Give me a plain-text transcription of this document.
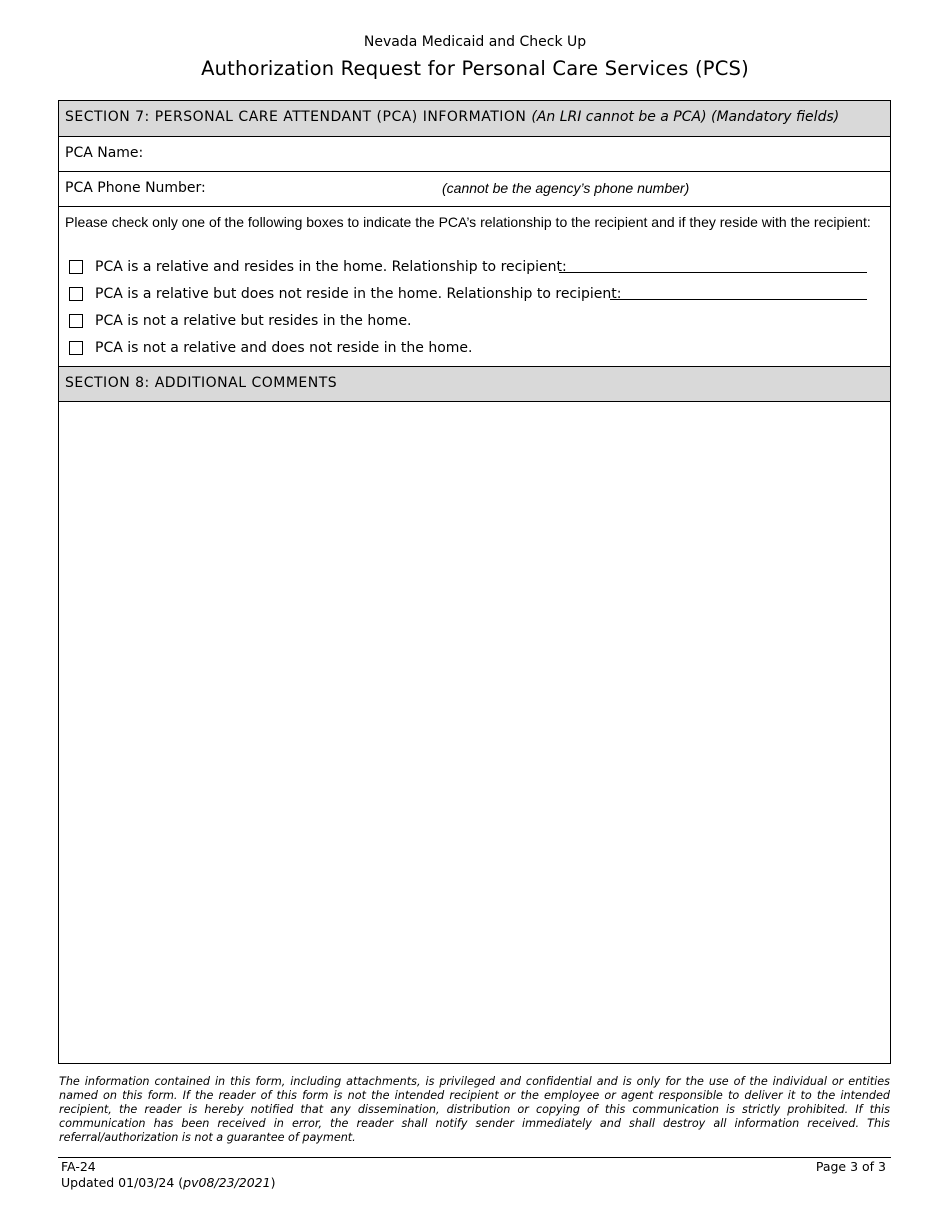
Nevada Medicaid and Check Up
Authorization Request for Personal Care Services (PCS)
SECTION 7: PERSONAL CARE ATTENDANT (PCA) INFORMATION (An LRI cannot be a PCA) (Mandatory fields)
PCA Name:
PCA Phone Number:	(cannot be the agency’s phone number)
Please check only one of the following boxes to indicate the PCA’s relationship to the recipient and if they reside with the recipient:
PCA is a relative and resides in the home. Relationship to recipient:
PCA is a relative but does not reside in the home. Relationship to recipient:
PCA is not a relative but resides in the home.
PCA is not a relative and does not reside in the home.
SECTION 8: ADDITIONAL COMMENTS
The information contained in this form, including attachments, is privileged and confidential and is only for the use of the individual or entities named on this form. If the reader of this form is not the intended recipient or the employee or agent responsible to deliver it to the intended recipient, the reader is hereby notified that any dissemination, distribution or copying of this communication is strictly prohibited. If this communication has been received in error, the reader shall notify sender immediately and shall destroy all information received. This referral/authorization is not a guarantee of payment.
FA-24
Updated 01/03/24 (pv08/23/2021)
Page 3 of 3
